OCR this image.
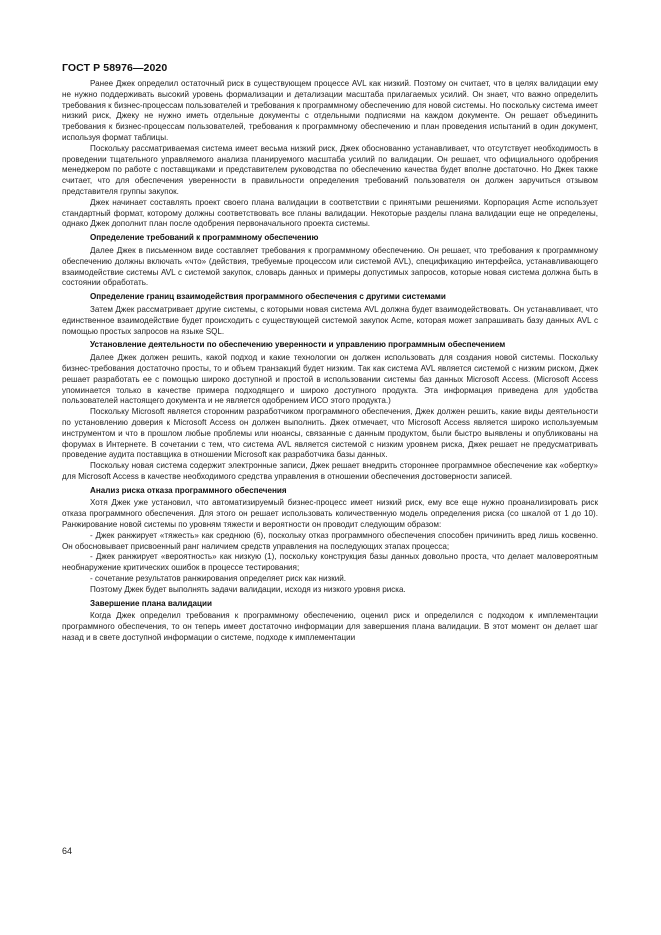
ГОСТ Р 58976—2020

Ранее Джек определил остаточный риск в существующем процессе AVL как низкий. Поэтому он считает, что в целях валидации ему не нужно поддерживать высокий уровень формализации и детализации масштаба прилагаемых усилий. Он знает, что важно определить требования к бизнес-процессам пользователей и требования к программному обеспечению для новой системы. Но поскольку система имеет низкий риск, Джеку не нужно иметь отдельные документы с отдельными подписями на каждом документе. Он решает объединить требования к бизнес-процессам пользователей, требования к программному обеспечению и план проведения испытаний в один документ, используя формат таблицы.

Поскольку рассматриваемая система имеет весьма низкий риск, Джек обоснованно устанавливает, что отсутствует необходимость в проведении тщательного управляемого анализа планируемого масштаба усилий по валидации. Он решает, что официального одобрения менеджером по работе с поставщиками и представителем руководства по обеспечению качества будет вполне достаточно. Но Джек также считает, что для обеспечения уверенности в правильности определения требований пользователя он должен заручиться отзывом представителя группы закупок.

Джек начинает составлять проект своего плана валидации в соответствии с принятыми решениями. Корпорация Acme использует стандартный формат, которому должны соответствовать все планы валидации. Некоторые разделы плана валидации еще не определены, однако Джек дополнит план после одобрения первоначального проекта системы.

Определение требований к программному обеспечению

Далее Джек в письменном виде составляет требования к программному обеспечению. Он решает, что требования к программному обеспечению должны включать «что» (действия, требуемые процессом или системой AVL), спецификацию интерфейса, устанавливающего взаимодействие системы AVL с системой закупок, словарь данных и примеры допустимых запросов, которые новая система должна быть в состоянии обработать.

Определение границ взаимодействия программного обеспечения с другими системами

Затем Джек рассматривает другие системы, с которыми новая система AVL должна будет взаимодействовать. Он устанавливает, что единственное взаимодействие будет происходить с существующей системой закупок Acme, которая может запрашивать базу данных AVL с помощью простых запросов на языке SQL.

Установление деятельности по обеспечению уверенности и управлению программным обеспечением

Далее Джек должен решить, какой подход и какие технологии он должен использовать для создания новой системы. Поскольку бизнес-требования достаточно просты, то и объем транзакций будет низким. Так как система AVL является системой с низким риском, Джек решает разработать ее с помощью широко доступной и простой в использовании системы баз данных Microsoft Access. (Microsoft Access упоминается только в качестве примера подходящего и широко доступного продукта. Эта информация приведена для удобства пользователей настоящего документа и не является одобрением ИСО этого продукта.)

Поскольку Microsoft является сторонним разработчиком программного обеспечения, Джек должен решить, какие виды деятельности по установлению доверия к Microsoft Access он должен выполнить. Джек отмечает, что Microsoft Access является широко используемым инструментом и что в прошлом любые проблемы или нюансы, связанные с данным продуктом, были быстро выявлены и опубликованы на форумах в Интернете. В сочетании с тем, что система AVL является системой с низким уровнем риска, Джек решает не предусматривать проведение аудита поставщика в отношении Microsoft как разработчика базы данных.

Поскольку новая система содержит электронные записи, Джек решает внедрить стороннее программное обеспечение как «обертку» для Microsoft Access в качестве необходимого средства управления в отношении обеспечения достоверности записей.

Анализ риска отказа программного обеспечения

Хотя Джек уже установил, что автоматизируемый бизнес-процесс имеет низкий риск, ему все еще нужно проанализировать риск отказа программного обеспечения. Для этого он решает использовать количественную модель определения риска (со шкалой от 1 до 10). Ранжирование новой системы по уровням тяжести и вероятности он проводит следующим образом:

- Джек ранжирует «тяжесть» как среднюю (6), поскольку отказ программного обеспечения способен причинить вред лишь косвенно. Он обосновывает присвоенный ранг наличием средств управления на последующих этапах процесса;

- Джек ранжирует «вероятность» как низкую (1), поскольку конструкция базы данных довольно проста, что делает маловероятным необнаружение критических ошибок в процессе тестирования;

- сочетание результатов ранжирования определяет риск как низкий.

Поэтому Джек будет выполнять задачи валидации, исходя из низкого уровня риска.

Завершение плана валидации

Когда Джек определил требования к программному обеспечению, оценил риск и определился с подходом к имплементации программного обеспечения, то он теперь имеет достаточно информации для завершения плана валидации. В этот момент он делает шаг назад и в свете доступной информации о системе, подходе к имплементации

64
